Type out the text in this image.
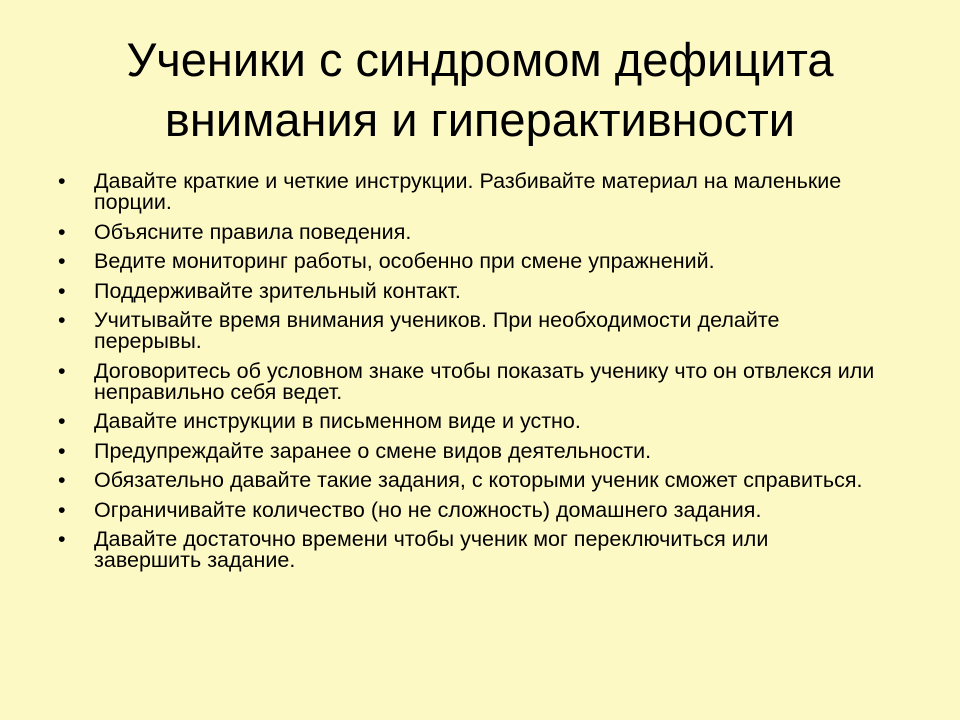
Ученики с синдромом дефицита
внимания и гиперактивности
•	Давайте краткие и четкие инструкции. Разбивайте материал на маленькие порции.
•	Объясните правила поведения.
•	Ведите мониторинг работы, особенно при смене упражнений.
•	Поддерживайте зрительный контакт.
•	Учитывайте время внимания учеников. При необходимости делайте перерывы.
•	Договоритесь об условном знаке чтобы показать ученику что он отвлекся или неправильно себя ведет.
•	Давайте инструкции в письменном виде и устно.
•	Предупреждайте заранее о смене видов деятельности.
•	Обязательно давайте такие задания, с которыми ученик сможет справиться.
•	Ограничивайте количество (но не сложность) домашнего задания.
•	Давайте достаточно времени чтобы ученик мог переключиться или завершить задание.
